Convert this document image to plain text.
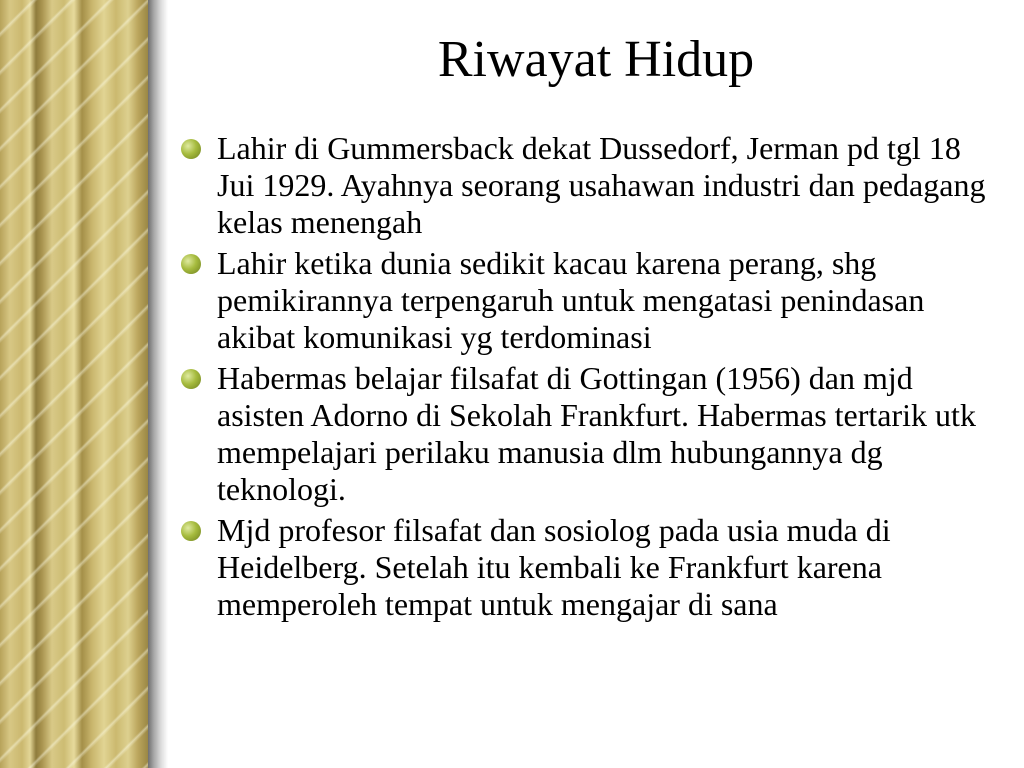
Riwayat Hidup
Lahir di Gummersback dekat Dussedorf, Jerman pd tgl 18 Jui 1929. Ayahnya seorang usahawan industri dan pedagang kelas menengah
Lahir ketika dunia sedikit kacau karena perang, shg pemikirannya terpengaruh untuk mengatasi penindasan akibat komunikasi yg terdominasi
Habermas belajar filsafat di Gottingan (1956) dan mjd asisten Adorno di Sekolah Frankfurt. Habermas tertarik utk mempelajari perilaku manusia dlm hubungannya dg teknologi.
Mjd profesor filsafat dan sosiolog pada usia muda di Heidelberg. Setelah itu kembali ke Frankfurt karena memperoleh tempat untuk mengajar di sana
